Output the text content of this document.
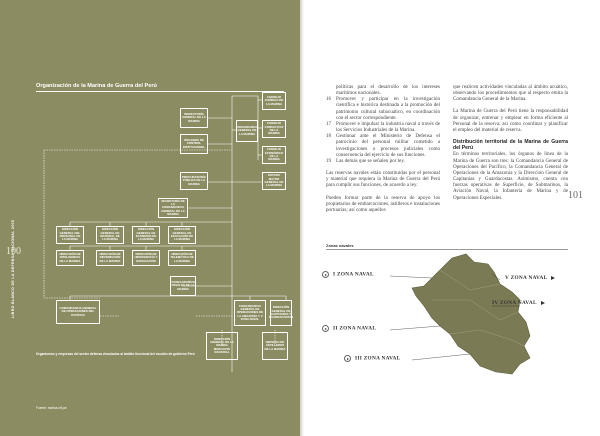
LIBRO BLANCO DE LA DEFENSA NACIONAL 2005
100
Organización de la Marina de Guerra del Perú
INSPECTORÍA GENERAL DE LA MARINA
ÓRGANOS DE CONTROL INSTITUCIONAL
COMANDANCIA GENERAL DE LA MARINA
CONSEJO JURÍDICO DE LA MARINA
CONSEJO CONSULTIVO DE LA MARINA
CONSEJO ECONÓMICO DE LA MARINA
PROCURADURÍA PÚBLICA DE LA MARINA
ESTADO MAYOR GENERAL DE LA MARINA
SECRETARÍA DE LA COMANDANCIA GENERAL DE LA MARINA
DIRECCIÓN GENERAL DEL PERSONAL DE LA MARINA
DIRECCIÓN GENERAL DE MATERIAL DE LA MARINA
DIRECCIÓN GENERAL DE ECONOMÍA DE LA MARINA
DIRECCIÓN GENERAL DE EDUCACIÓN DE LA MARINA
DIRECCIÓN DE INTELIGENCIA DE LA MARINA
DIRECCIÓN DE INFORMACIÓN DE LA MARINA
DIRECCIÓN DE HIDROGRAFÍA Y NAVEGACIÓN
DIRECCIÓN DE TELEMÁTICA DE LA MARINA
AGREGADURÍAS NAVALES DE LA MARINA
COMANDANCIA GENERAL DE OPERACIONES DEL PACÍFICO
COMANDANCIA GENERAL DE OPERACIONES DE LA AMAZONÍA Y V ZONA NAVAL
DIRECCIÓN GENERAL DE CAPITANÍAS Y GUARDACOSTAS
DIRECCIÓN GENERAL DE LA MARINA MERCANTE NACIONAL
SERVICIO DE ASTILLEROS DE LA MARINA
Organismos y empresas del sector defensa vinculados al ámbito funcional del escalón de gobierno Perú
Fuente: marina.mil.pe
101

políticas para el desarrollo de los intereses marítimos nacionales.

16 Promover y participar en la investigación científica e histórica destinada a la promoción del patrimonio cultural subacuático, en coordinación con el sector correspondiente.
17 Promover e impulsar la industria naval a través de los Servicios Industriales de la Marina.
18 Gestionar ante el Ministerio de Defensa el patrocinio del personal militar cometido a investigaciones o procesos judiciales como consecuencia del ejercicio de sus funciones.
19 Las demás que se señalen por ley.

Las reservas navales están constituidas por el personal y material que requiera la Marina de Guerra del Perú para cumplir sus funciones, de acuerdo a ley.

Pueden formar parte de la reserva de apoyo los propietarios de embarcaciones, astilleros e instalaciones portuarias; así como aquellos

que realicen actividades vinculadas al ámbito acuático, observando los procedimientos que al respecto emita la Comandancia General de la Marina.

La Marina de Guerra del Perú tiene la responsabilidad de organizar, entrenar y emplear en forma eficiente al Personal de la reserva; así como coordinar y planificar el empleo del material de reserva.

Distribución territorial de la Marina de Guerra del Perú

En términos territoriales, los órganos de línea de la Marina de Guerra son tres: la Comandancia General de Operaciones del Pacífico, la Comandancia General de Operaciones de la Amazonía y la Dirección General de Capitanías y Guardacostas. Asimismo, cuenta con fuerzas operativas de Superficie, de Submarinos, la Aviación Naval, la Infantería de Marina y de Operaciones Especiales.

Zonas navales
I ZONA NAVAL
II ZONA NAVAL
III ZONA NAVAL
IV ZONA NAVAL
V ZONA NAVAL
